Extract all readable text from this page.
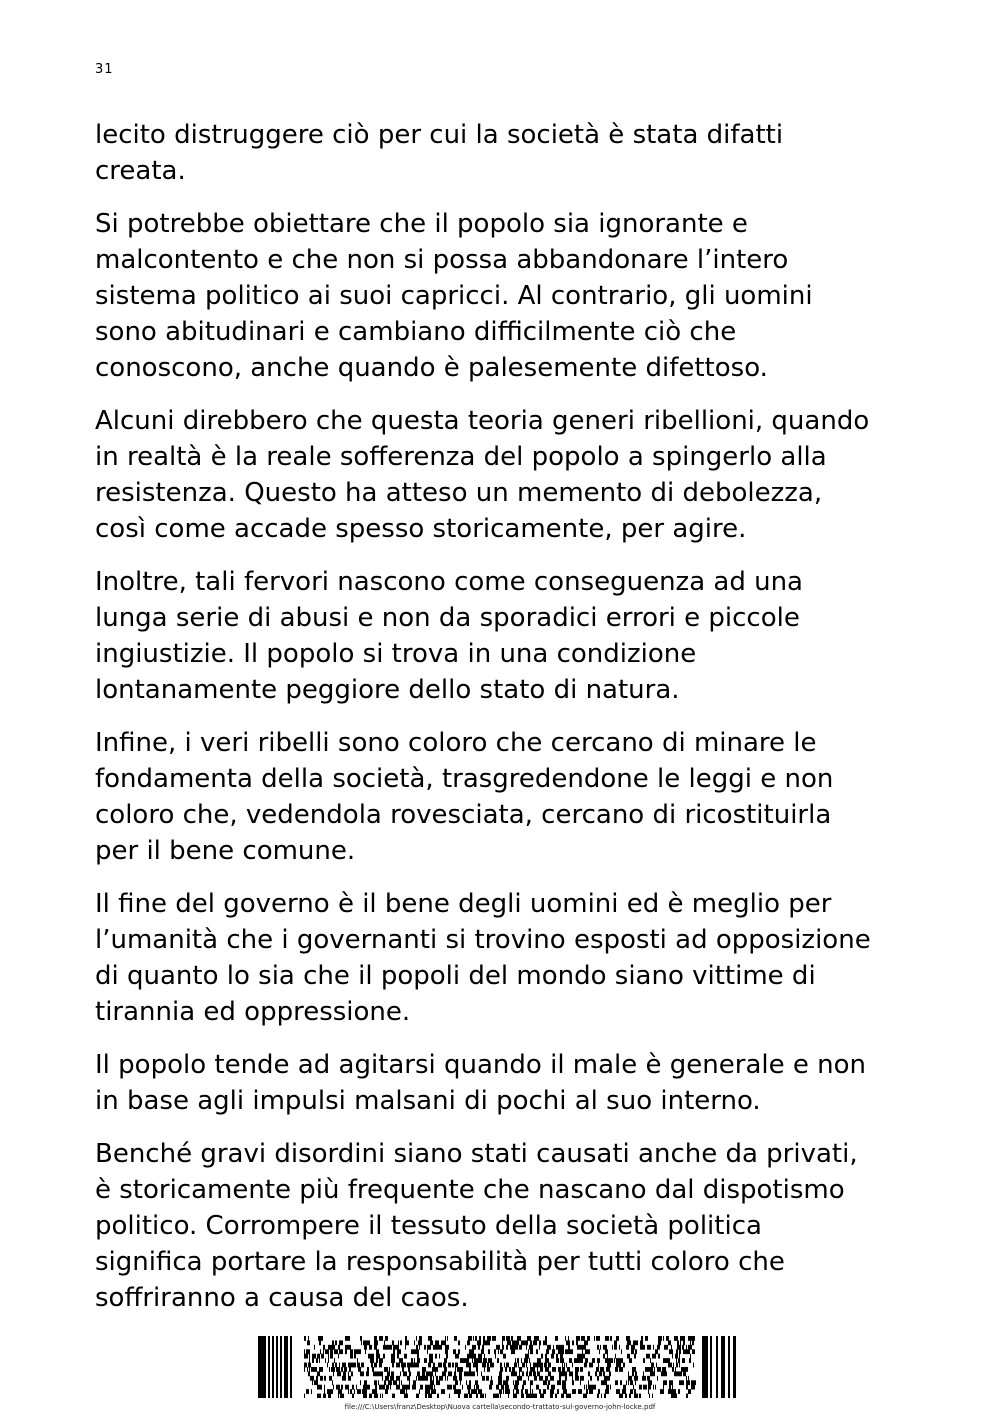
31

lecito distruggere ciò per cui la società è stata difatti
creata.

Si potrebbe obiettare che il popolo sia ignorante e
malcontento e che non si possa abbandonare l’intero
sistema politico ai suoi capricci. Al contrario, gli uomini
sono abitudinari e cambiano difficilmente ciò che
conoscono, anche quando è palesemente difettoso.

Alcuni direbbero che questa teoria generi ribellioni, quando
in realtà è la reale sofferenza del popolo a spingerlo alla
resistenza. Questo ha atteso un memento di debolezza,
così come accade spesso storicamente, per agire.

Inoltre, tali fervori nascono come conseguenza ad una
lunga serie di abusi e non da sporadici errori e piccole
ingiustizie. Il popolo si trova in una condizione
lontanamente peggiore dello stato di natura.

Infine, i veri ribelli sono coloro che cercano di minare le
fondamenta della società, trasgredendone le leggi e non
coloro che, vedendola rovesciata, cercano di ricostituirla
per il bene comune.

Il fine del governo è il bene degli uomini ed è meglio per
l’umanità che i governanti si trovino esposti ad opposizione
di quanto lo sia che il popoli del mondo siano vittime di
tirannia ed oppressione.

Il popolo tende ad agitarsi quando il male è generale e non
in base agli impulsi malsani di pochi al suo interno.

Benché gravi disordini siano stati causati anche da privati,
è storicamente più frequente che nascano dal dispotismo
politico. Corrompere il tessuto della società politica
significa portare la responsabilità per tutti coloro che
soffriranno a causa del caos.

file:///C:\Users\franz\Desktop\Nuova cartella\secondo-trattato-sul-governo-john-locke.pdf
